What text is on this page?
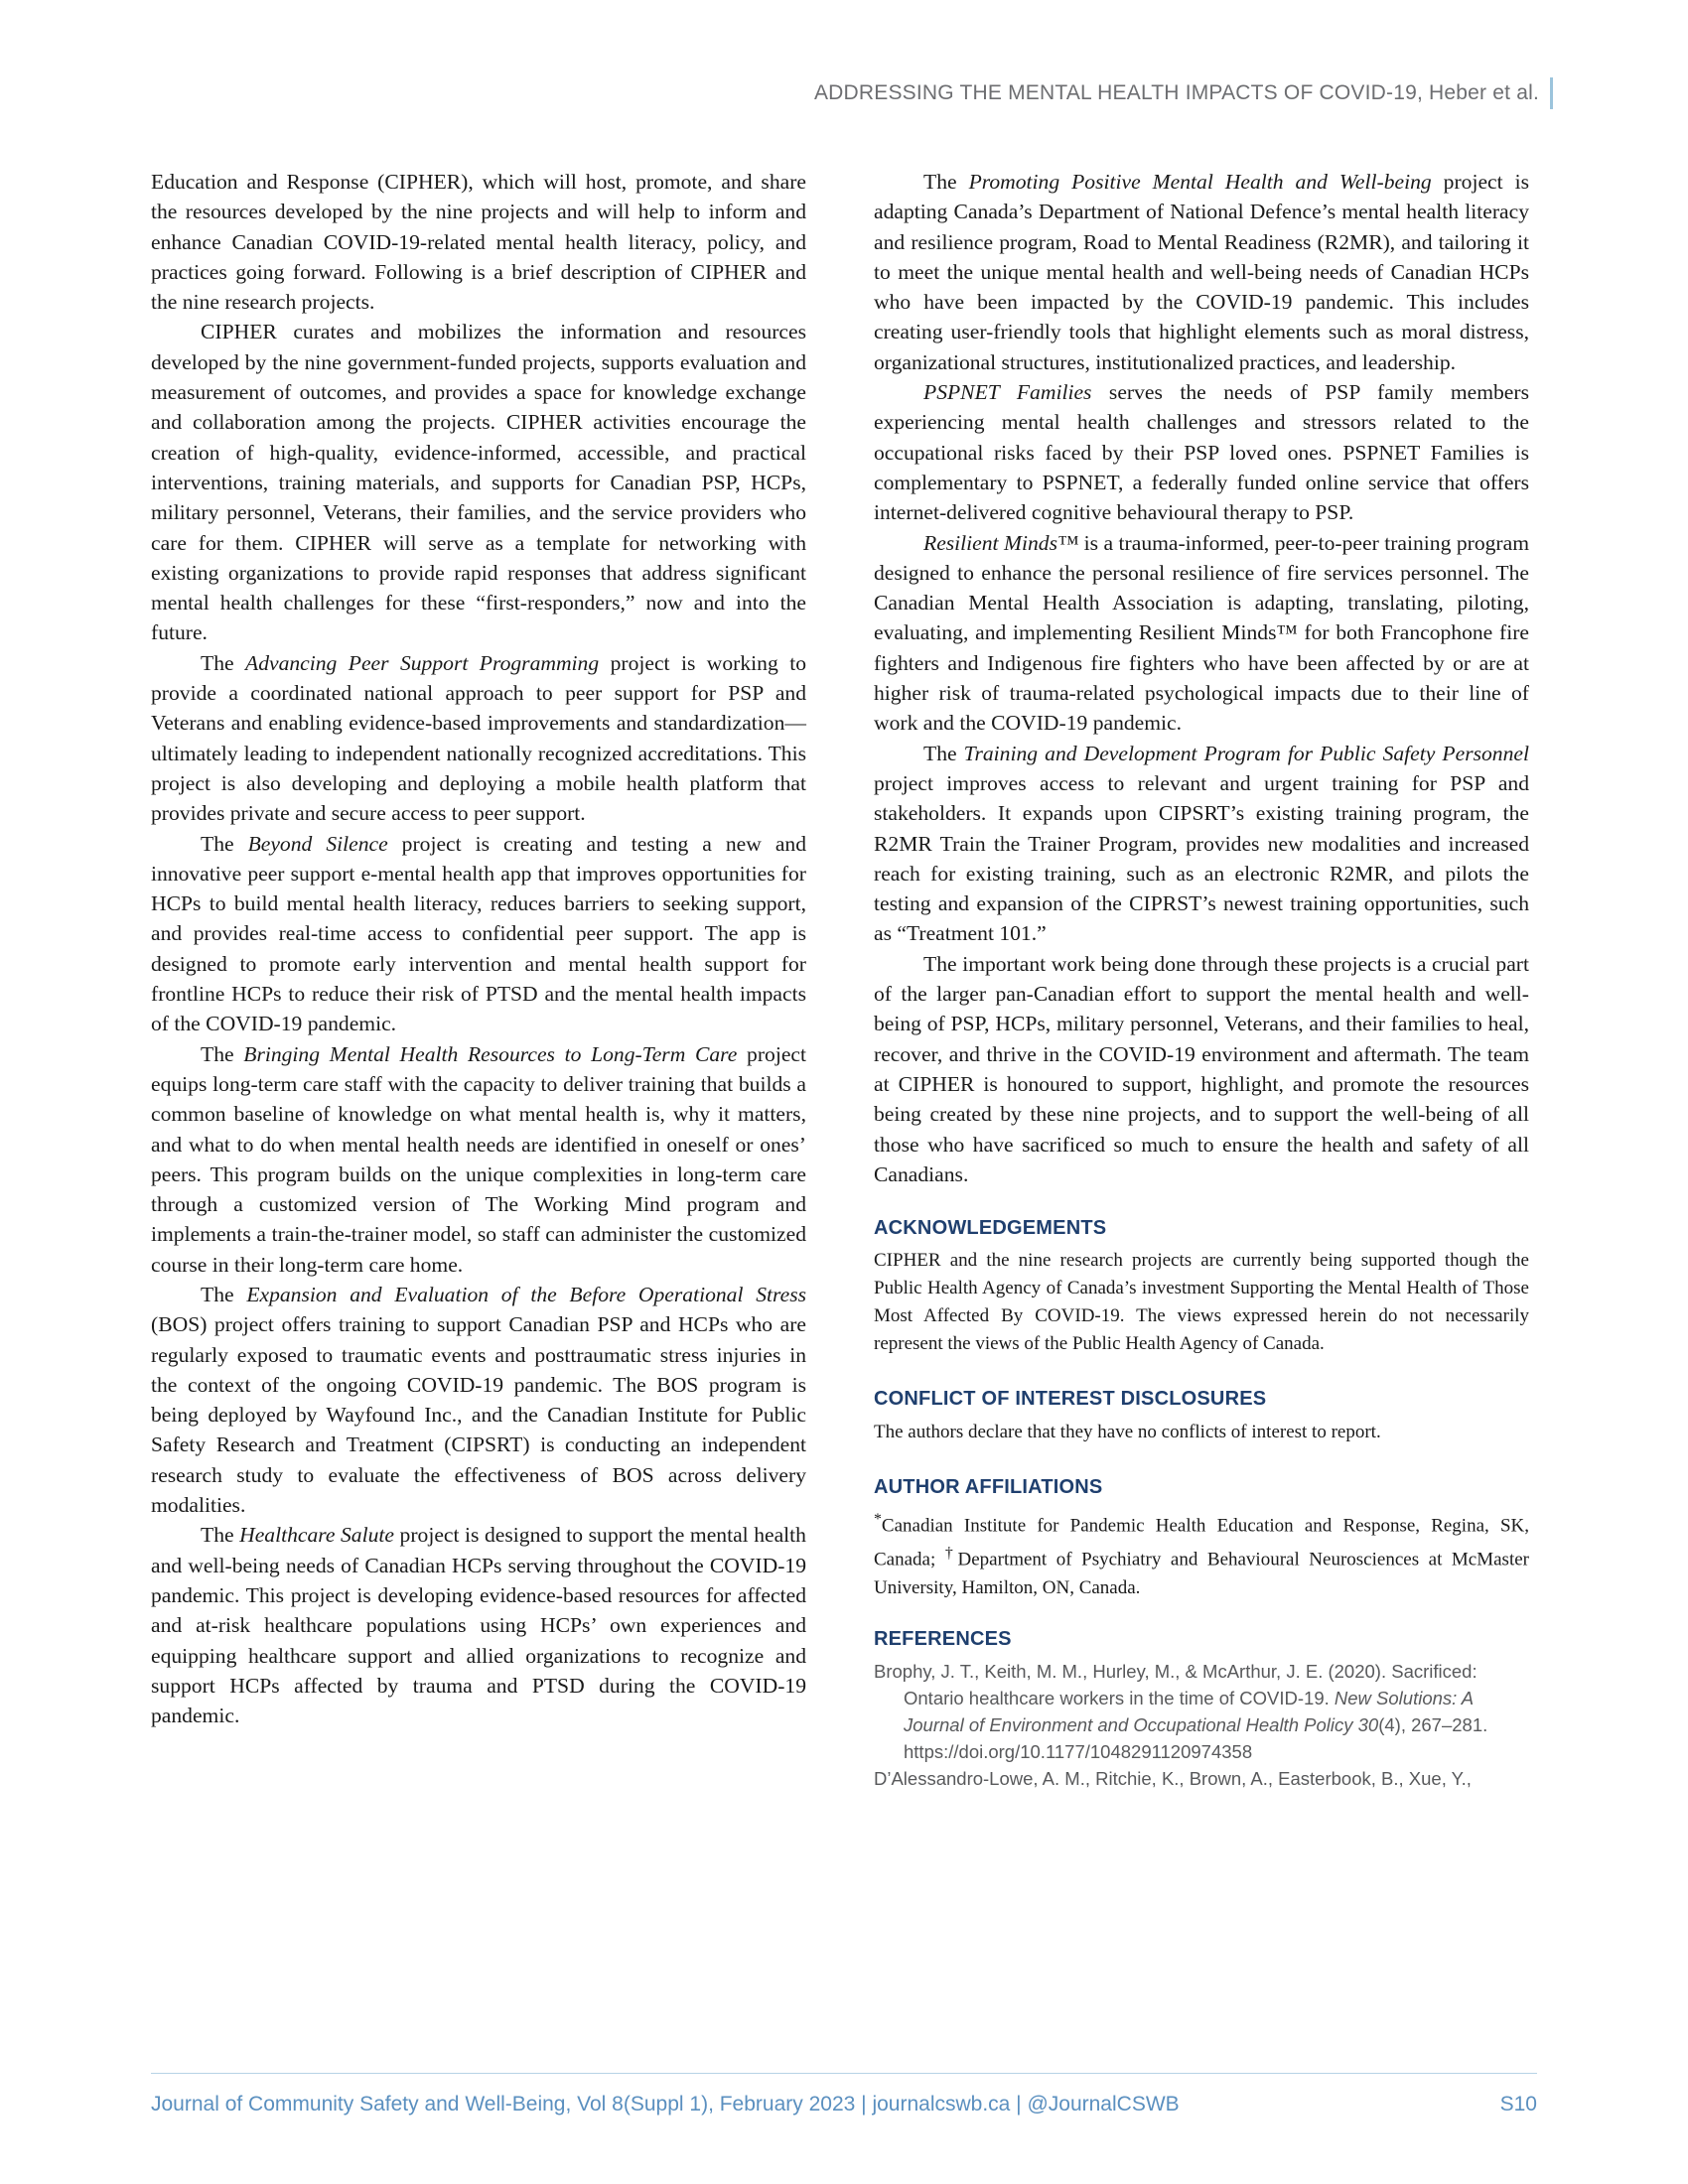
ADDRESSING THE MENTAL HEALTH IMPACTS OF COVID-19, Heber et al.

Education and Response (CIPHER), which will host, promote, and share the resources developed by the nine projects and will help to inform and enhance Canadian COVID-19-related mental health literacy, policy, and practices going forward. Following is a brief description of CIPHER and the nine research projects.

CIPHER curates and mobilizes the information and resources developed by the nine government-funded projects, supports evaluation and measurement of outcomes, and provides a space for knowledge exchange and collaboration among the projects. CIPHER activities encourage the creation of high-quality, evidence-informed, accessible, and practical interventions, training materials, and supports for Canadian PSP, HCPs, military personnel, Veterans, their families, and the service providers who care for them. CIPHER will serve as a template for networking with existing organizations to provide rapid responses that address significant mental health challenges for these “first-responders,” now and into the future.

The Advancing Peer Support Programming project is working to provide a coordinated national approach to peer support for PSP and Veterans and enabling evidence-based improvements and standardization—ultimately leading to independent nationally recognized accreditations. This project is also developing and deploying a mobile health platform that provides private and secure access to peer support.

The Beyond Silence project is creating and testing a new and innovative peer support e-mental health app that improves opportunities for HCPs to build mental health literacy, reduces barriers to seeking support, and provides real-time access to confidential peer support. The app is designed to promote early intervention and mental health support for frontline HCPs to reduce their risk of PTSD and the mental health impacts of the COVID-19 pandemic.

The Bringing Mental Health Resources to Long-Term Care project equips long-term care staff with the capacity to deliver training that builds a common baseline of knowledge on what mental health is, why it matters, and what to do when mental health needs are identified in oneself or ones’ peers. This program builds on the unique complexities in long-term care through a customized version of The Working Mind program and implements a train-the-trainer model, so staff can administer the customized course in their long-term care home.

The Expansion and Evaluation of the Before Operational Stress (BOS) project offers training to support Canadian PSP and HCPs who are regularly exposed to traumatic events and posttraumatic stress injuries in the context of the ongoing COVID-19 pandemic. The BOS program is being deployed by Wayfound Inc., and the Canadian Institute for Public Safety Research and Treatment (CIPSRT) is conducting an independent research study to evaluate the effectiveness of BOS across delivery modalities.

The Healthcare Salute project is designed to support the mental health and well-being needs of Canadian HCPs serving throughout the COVID-19 pandemic. This project is developing evidence-based resources for affected and at-risk healthcare populations using HCPs’ own experiences and equipping healthcare support and allied organizations to recognize and support HCPs affected by trauma and PTSD during the COVID-19 pandemic.

The Promoting Positive Mental Health and Well-being project is adapting Canada’s Department of National Defence’s mental health literacy and resilience program, Road to Mental Readiness (R2MR), and tailoring it to meet the unique mental health and well-being needs of Canadian HCPs who have been impacted by the COVID-19 pandemic. This includes creating user-friendly tools that highlight elements such as moral distress, organizational structures, institutionalized practices, and leadership.

PSPNET Families serves the needs of PSP family members experiencing mental health challenges and stressors related to the occupational risks faced by their PSP loved ones. PSPNET Families is complementary to PSPNET, a federally funded online service that offers internet-delivered cognitive behavioural therapy to PSP.

Resilient Minds™ is a trauma-informed, peer-to-peer training program designed to enhance the personal resilience of fire services personnel. The Canadian Mental Health Association is adapting, translating, piloting, evaluating, and implementing Resilient Minds™ for both Francophone fire fighters and Indigenous fire fighters who have been affected by or are at higher risk of trauma-related psychological impacts due to their line of work and the COVID-19 pandemic.

The Training and Development Program for Public Safety Personnel project improves access to relevant and urgent training for PSP and stakeholders. It expands upon CIPSRT’s existing training program, the R2MR Train the Trainer Program, provides new modalities and increased reach for existing training, such as an electronic R2MR, and pilots the testing and expansion of the CIPRST’s newest training opportunities, such as “Treatment 101.”

The important work being done through these projects is a crucial part of the larger pan-Canadian effort to support the mental health and well-being of PSP, HCPs, military personnel, Veterans, and their families to heal, recover, and thrive in the COVID-19 environment and aftermath. The team at CIPHER is honoured to support, highlight, and promote the resources being created by these nine projects, and to support the well-being of all those who have sacrificed so much to ensure the health and safety of all Canadians.

ACKNOWLEDGEMENTS

CIPHER and the nine research projects are currently being supported though the Public Health Agency of Canada’s investment Supporting the Mental Health of Those Most Affected By COVID-19. The views expressed herein do not necessarily represent the views of the Public Health Agency of Canada.

CONFLICT OF INTEREST DISCLOSURES

The authors declare that they have no conflicts of interest to report.

AUTHOR AFFILIATIONS

*Canadian Institute for Pandemic Health Education and Response, Regina, SK, Canada; †Department of Psychiatry and Behavioural Neurosciences at McMaster University, Hamilton, ON, Canada.

REFERENCES

Brophy, J. T., Keith, M. M., Hurley, M., & McArthur, J. E. (2020). Sacrificed: Ontario healthcare workers in the time of COVID-19. New Solutions: A Journal of Environment and Occupational Health Policy 30(4), 267–281. https://doi.org/10.1177/1048291120974358

D’Alessandro-Lowe, A. M., Ritchie, K., Brown, A., Easterbook, B., Xue, Y.,

Journal of Community Safety and Well-Being, Vol 8(Suppl 1), February 2023 | journalcswb.ca | @JournalCSWB	S10
